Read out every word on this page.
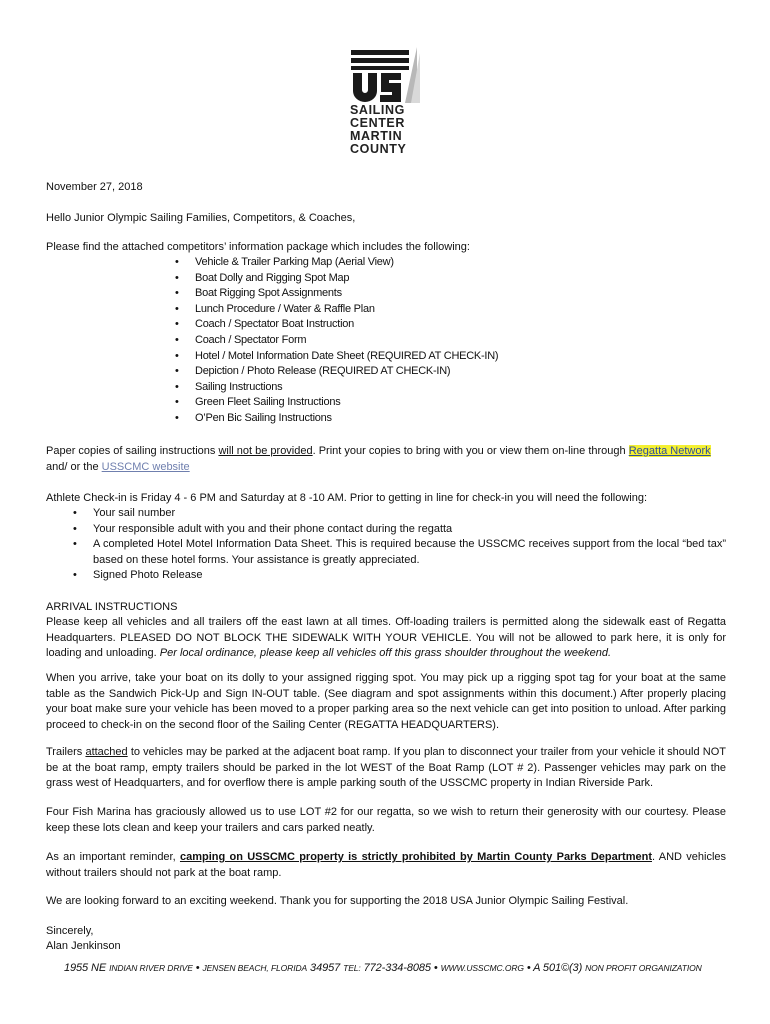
SAILING
CENTER
MARTIN
COUNTY

November 27, 2018

Hello Junior Olympic Sailing Families, Competitors, & Coaches,

Please find the attached competitors’ information package which includes the following:

• Vehicle & Trailer Parking Map (Aerial View)
• Boat Dolly and Rigging Spot Map
• Boat Rigging Spot Assignments
• Lunch Procedure / Water & Raffle Plan
• Coach / Spectator Boat Instruction
• Coach / Spectator Form
• Hotel / Motel Information Date Sheet (REQUIRED AT CHECK-IN)
• Depiction / Photo Release (REQUIRED AT CHECK-IN)
• Sailing Instructions
• Green Fleet Sailing Instructions
• O’Pen Bic Sailing Instructions

Paper copies of sailing instructions will not be provided. Print your copies to bring with you or view them on-line through Regatta Network and/ or the USSCMC website

Athlete Check-in is Friday 4 - 6 PM and Saturday at 8 -10 AM. Prior to getting in line for check-in you will need the following:

• Your sail number
• Your responsible adult with you and their phone contact during the regatta
• A completed Hotel Motel Information Data Sheet. This is required because the USSCMC receives support from the local “bed tax” based on these hotel forms. Your assistance is greatly appreciated.
• Signed Photo Release

ARRIVAL INSTRUCTIONS

Please keep all vehicles and all trailers off the east lawn at all times. Off-loading trailers is permitted along the sidewalk east of Regatta Headquarters. PLEASED DO NOT BLOCK THE SIDEWALK WITH YOUR VEHICLE. You will not be allowed to park here, it is only for loading and unloading. Per local ordinance, please keep all vehicles off this grass shoulder throughout the weekend.

When you arrive, take your boat on its dolly to your assigned rigging spot. You may pick up a rigging spot tag for your boat at the same table as the Sandwich Pick-Up and Sign IN-OUT table. (See diagram and spot assignments within this document.) After properly placing your boat make sure your vehicle has been moved to a proper parking area so the next vehicle can get into position to unload. After parking proceed to check-in on the second floor of the Sailing Center (REGATTA HEADQUARTERS).

Trailers attached to vehicles may be parked at the adjacent boat ramp. If you plan to disconnect your trailer from your vehicle it should NOT be at the boat ramp, empty trailers should be parked in the lot WEST of the Boat Ramp (LOT # 2). Passenger vehicles may park on the grass west of Headquarters, and for overflow there is ample parking south of the USSCMC property in Indian Riverside Park.

Four Fish Marina has graciously allowed us to use LOT #2 for our regatta, so we wish to return their generosity with our courtesy. Please keep these lots clean and keep your trailers and cars parked neatly.

As an important reminder, camping on USSCMC property is strictly prohibited by Martin County Parks Department. AND vehicles without trailers should not park at the boat ramp.

We are looking forward to an exciting weekend. Thank you for supporting the 2018 USA Junior Olympic Sailing Festival.

Sincerely,

Alan Jenkinson

1955 NE INDIAN RIVER DRIVE • JENSEN BEACH, FLORIDA 34957 TEL: 772-334-8085 • WWW.USSCMC.ORG • A 501©(3) NON PROFIT ORGANIZATION
